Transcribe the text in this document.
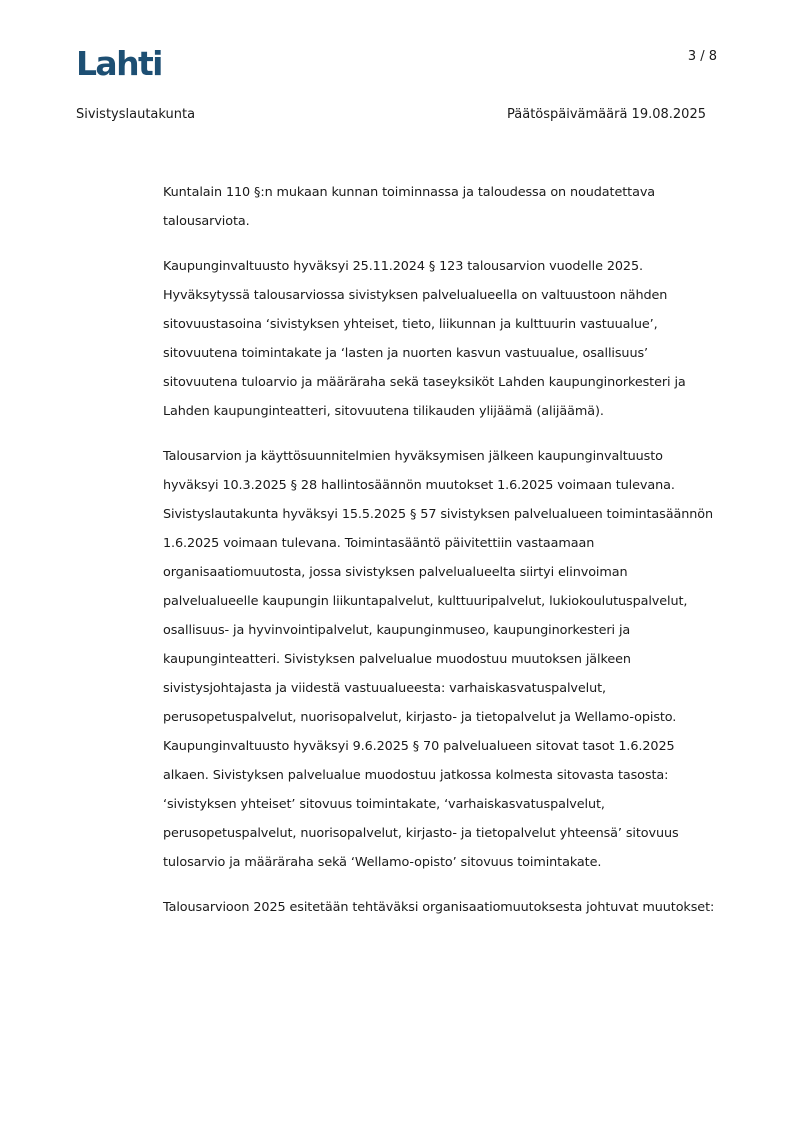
Lahti	3 / 8
Sivistyslautakunta	Päätöspäivämäärä 19.08.2025

Kuntalain 110 §:n mukaan kunnan toiminnassa ja taloudessa on noudatettava talousarviota.

Kaupunginvaltuusto hyväksyi 25.11.2024 § 123 talousarvion vuodelle 2025. Hyväksytyssä talousarviossa sivistyksen palvelualueella on valtuustoon nähden sitovuustasoina ‘sivistyksen yhteiset, tieto, liikunnan ja kulttuurin vastuualue’, sitovuutena toimintakate ja ‘lasten ja nuorten kasvun vastuualue, osallisuus’ sitovuutena tuloarvio ja määräraha sekä taseyksiköt Lahden kaupunginorkesteri ja Lahden kaupunginteatteri, sitovuutena tilikauden ylijäämä (alijäämä).

Talousarvion ja käyttösuunnitelmien hyväksymisen jälkeen kaupunginvaltuusto hyväksyi 10.3.2025 § 28 hallintosäännön muutokset 1.6.2025 voimaan tulevana. Sivistyslautakunta hyväksyi 15.5.2025 § 57 sivistyksen palvelualueen toimintasäännön 1.6.2025 voimaan tulevana. Toimintasääntö päivitettiin vastaamaan organisaatiomuutosta, jossa sivistyksen palvelualueelta siirtyi elinvoiman palvelualueelle kaupungin liikuntapalvelut, kulttuuripalvelut, lukiokoulutuspalvelut, osallisuus- ja hyvinvointipalvelut, kaupunginmuseo, kaupunginorkesteri ja kaupunginteatteri. Sivistyksen palvelualue muodostuu muutoksen jälkeen sivistysjohtajasta ja viidestä vastuualueesta: varhaiskasvatuspalvelut, perusopetuspalvelut, nuorisopalvelut, kirjasto- ja tietopalvelut ja Wellamo-opisto. Kaupunginvaltuusto hyväksyi 9.6.2025 § 70 palvelualueen sitovat tasot 1.6.2025 alkaen. Sivistyksen palvelualue muodostuu jatkossa kolmesta sitovasta tasosta: ‘sivistyksen yhteiset’ sitovuus toimintakate, ‘varhaiskasvatuspalvelut, perusopetuspalvelut, nuorisopalvelut, kirjasto- ja tietopalvelut yhteensä’ sitovuus tulosarvio ja määräraha sekä ‘Wellamo-opisto’ sitovuus toimintakate.

Talousarvioon 2025 esitetään tehtäväksi organisaatiomuutoksesta johtuvat muutokset:
